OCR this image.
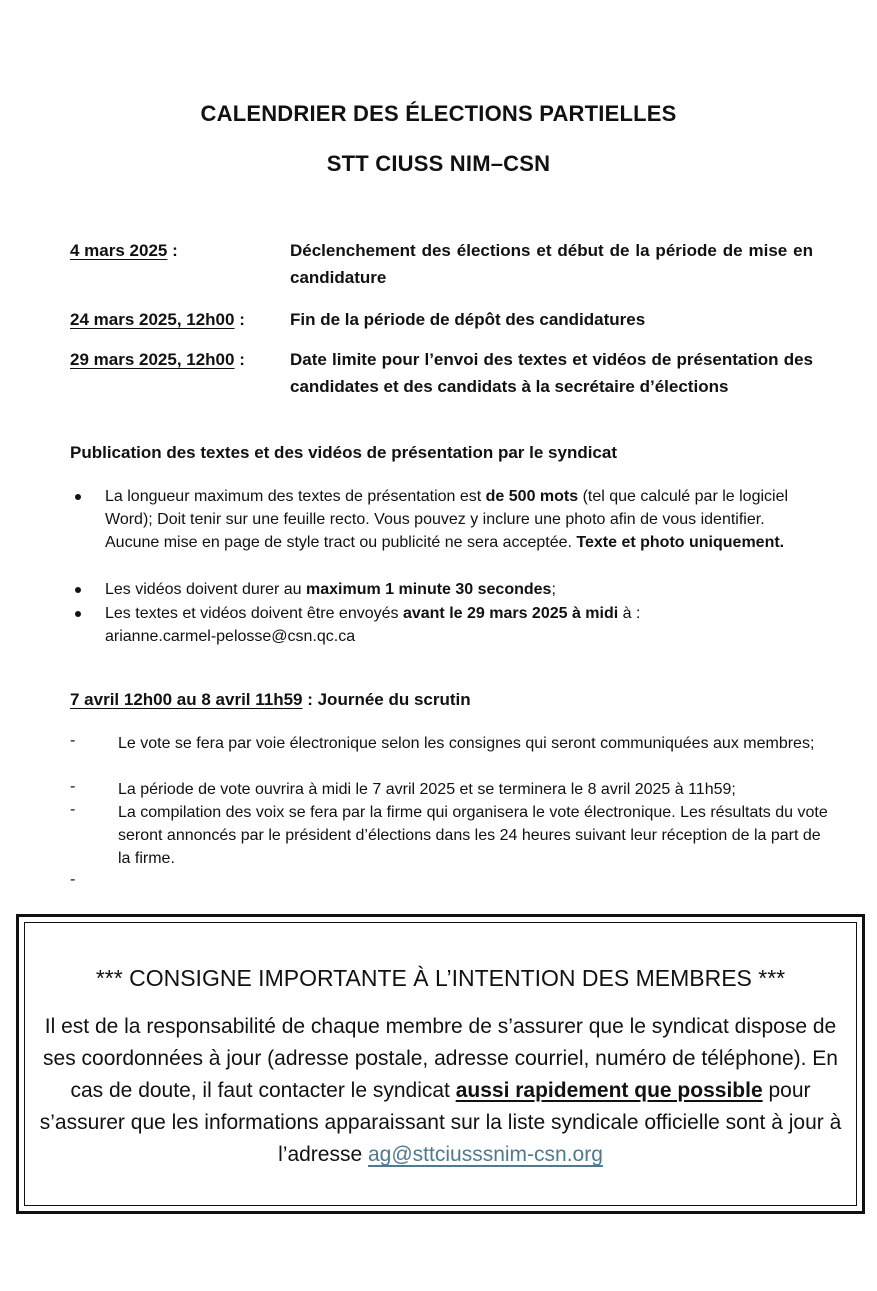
CALENDRIER DES ÉLECTIONS PARTIELLES
STT CIUSS NIM–CSN
4 mars 2025 :	Déclenchement des élections et début de la période de mise en candidature
24 mars 2025, 12h00 :	Fin de la période de dépôt des candidatures
29 mars 2025, 12h00 :	Date limite pour l’envoi des textes et vidéos de présentation des candidates et des candidats à la secrétaire d’élections
Publication des textes et des vidéos de présentation par le syndicat
La longueur maximum des textes de présentation est de 500 mots (tel que calculé par le logiciel Word); Doit tenir sur une feuille recto. Vous pouvez y inclure une photo afin de vous identifier. Aucune mise en page de style tract ou publicité ne sera acceptée. Texte et photo uniquement.
Les vidéos doivent durer au maximum 1 minute 30 secondes;
Les textes et vidéos doivent être envoyés avant le 29 mars 2025 à midi à :
arianne.carmel-pelosse@csn.qc.ca
7 avril 12h00 au 8 avril 11h59 : Journée du scrutin
-	Le vote se fera par voie électronique selon les consignes qui seront communiquées aux membres;
-	La période de vote ouvrira à midi le 7 avril 2025 et se terminera le 8 avril 2025 à 11h59;
-	La compilation des voix se fera par la firme qui organisera le vote électronique. Les résultats du vote seront annoncés par le président d’élections dans les 24 heures suivant leur réception de la part de la firme.
-
*** CONSIGNE IMPORTANTE À L’INTENTION DES MEMBRES ***
Il est de la responsabilité de chaque membre de s’assurer que le syndicat dispose de ses coordonnées à jour (adresse postale, adresse courriel, numéro de téléphone). En cas de doute, il faut contacter le syndicat aussi rapidement que possible pour s’assurer que les informations apparaissant sur la liste syndicale officielle sont à jour à l’adresse ag@sttciusssnim-csn.org
